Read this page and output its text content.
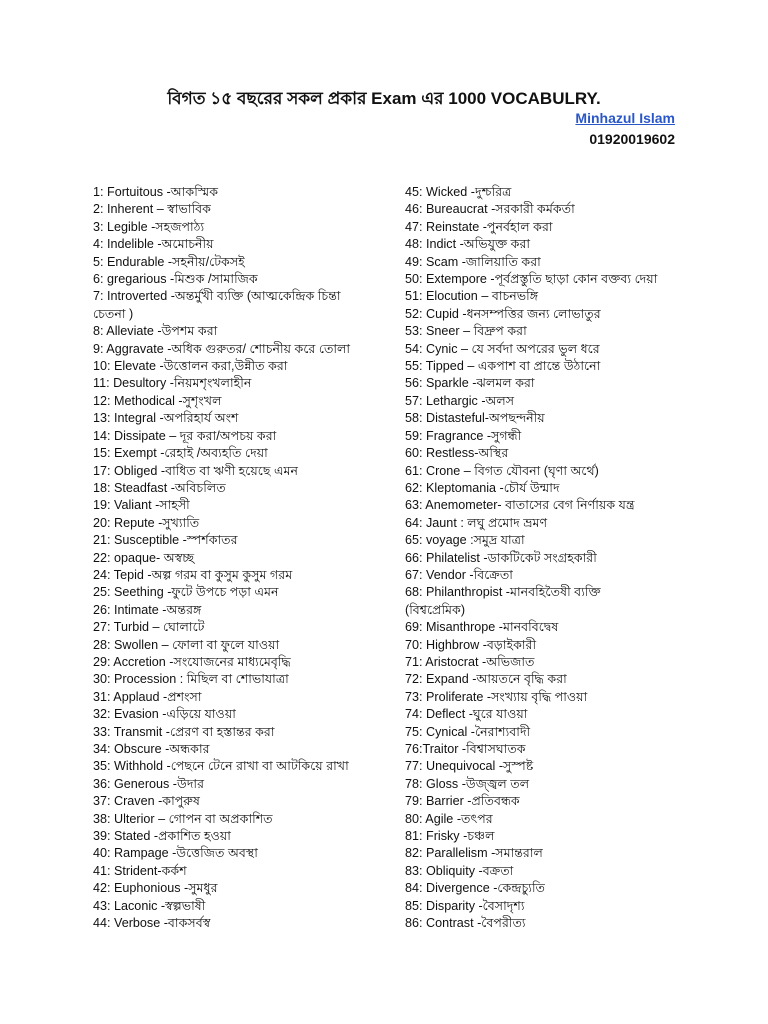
বিগত ১৫ বছরের সকল প্রকার Exam এর 1000 VOCABULRY.
Minhazul Islam
01920019602
1: Fortuitous -আকস্মিক
2: Inherent – স্বাভাবিক
3: Legible -সহজপাঠ্য
4: Indelible -অমোচনীয়
5: Endurable -সহনীয়/টেকসই
6: gregarious -মিশুক /সামাজিক
7: Introverted -অন্তর্মুখী ব্যক্তি (আত্মকেন্দ্রিক চিন্তা
চেতনা )
8: Alleviate -উপশম করা
9: Aggravate -অধিক গুরুতর/ শোচনীয় করে তোলা
10: Elevate -উত্তোলন করা,উন্নীত করা
11: Desultory -নিয়মশৃংখলাহীন
12: Methodical -সুশৃংখল
13: Integral -অপরিহার্য অংশ
14: Dissipate – দূর করা/অপচয় করা
15: Exempt -রেহাই /অব্যহতি দেয়া
17: Obliged -বাধিত বা ঋণী হয়েছে এমন
18: Steadfast -অবিচলিত
19: Valiant -সাহসী
20: Repute -সুখ্যাতি
21: Susceptible -স্পর্শকাতর
22: opaque- অস্বচ্ছ
24: Tepid -অল্প গরম বা কুসুম কুসুম গরম
25: Seething -ফুটে উপচে পড়া এমন
26: Intimate -অন্তরঙ্গ
27: Turbid – ঘোলাটে
28: Swollen – ফোলা বা ফুলে যাওয়া
29: Accretion -সংযোজনের মাধ্যমেবৃদ্ধি
30: Procession : মিছিল বা শোভাযাত্রা
31: Applaud -প্রশংসা
32: Evasion -এড়িয়ে যাওয়া
33: Transmit -প্রেরণ বা হস্তান্তর করা
34: Obscure -অন্ধকার
35: Withhold -পেছনে টেনে রাখা বা আটকিয়ে রাখা
36: Generous -উদার
37: Craven -কাপুরুষ
38: Ulterior – গোপন বা অপ্রকাশিত
39: Stated -প্রকাশিত হওয়া
40: Rampage -উত্তেজিত অবস্থা
41: Strident-কর্কশ
42: Euphonious -সুমধুর
43: Laconic -স্বল্পভাষী
44: Verbose -বাকসর্বস্ব
45: Wicked -দুশ্চরিত্র
46: Bureaucrat -সরকারী কর্মকর্তা
47: Reinstate -পুনর্বহাল করা
48: Indict -অভিযুক্ত করা
49: Scam -জালিয়াতি করা
50: Extempore -পূর্বপ্রস্তুতি ছাড়া কোন বক্তব্য দেয়া
51: Elocution – বাচনভঙ্গি
52: Cupid -ধনসম্পত্তির জন্য লোভাতুর
53: Sneer – বিদ্রুপ করা
54: Cynic – যে সর্বদা অপরের ভুল ধরে
55: Tipped – একপাশ বা প্রান্তে উঠানো
56: Sparkle -ঝলমল করা
57: Lethargic -অলস
58: Distasteful-অপছন্দনীয়
59: Fragrance -সুগন্ধী
60: Restless-অস্থির
61: Crone – বিগত যৌবনা (ঘৃণা অর্থে)
62: Kleptomania -চৌর্য উন্মাদ
63: Anemometer- বাতাসের বেগ নির্ণায়ক যন্ত্র
64: Jaunt : লঘু প্রমোদ ভ্রমণ
65: voyage :সমুদ্র যাত্রা
66: Philatelist -ডাকটিকেট সংগ্রহকারী
67: Vendor -বিক্রেতা
68: Philanthropist -মানবহিতৈষী ব্যক্তি
(বিশ্বপ্রেমিক)
69: Misanthrope -মানববিদ্বেষ
70: Highbrow -বড়াইকারী
71: Aristocrat -অভিজাত
72: Expand -আয়তনে বৃদ্ধি করা
73: Proliferate -সংখ্যায় বৃদ্ধি পাওয়া
74: Deflect -ঘুরে যাওয়া
75: Cynical -নৈরাশ্যবাদী
76:Traitor -বিশ্বাসঘাতক
77: Unequivocal -সুস্পষ্ট
78: Gloss -উজ্জ্বল তল
79: Barrier -প্রতিবন্ধক
80: Agile -তৎপর
81: Frisky -চঞ্চল
82: Parallelism -সমান্তরাল
83: Obliquity -বক্রতা
84: Divergence -কেন্দ্রচ্যুতি
85: Disparity -বৈসাদৃশ্য
86: Contrast -বৈপরীত্য
